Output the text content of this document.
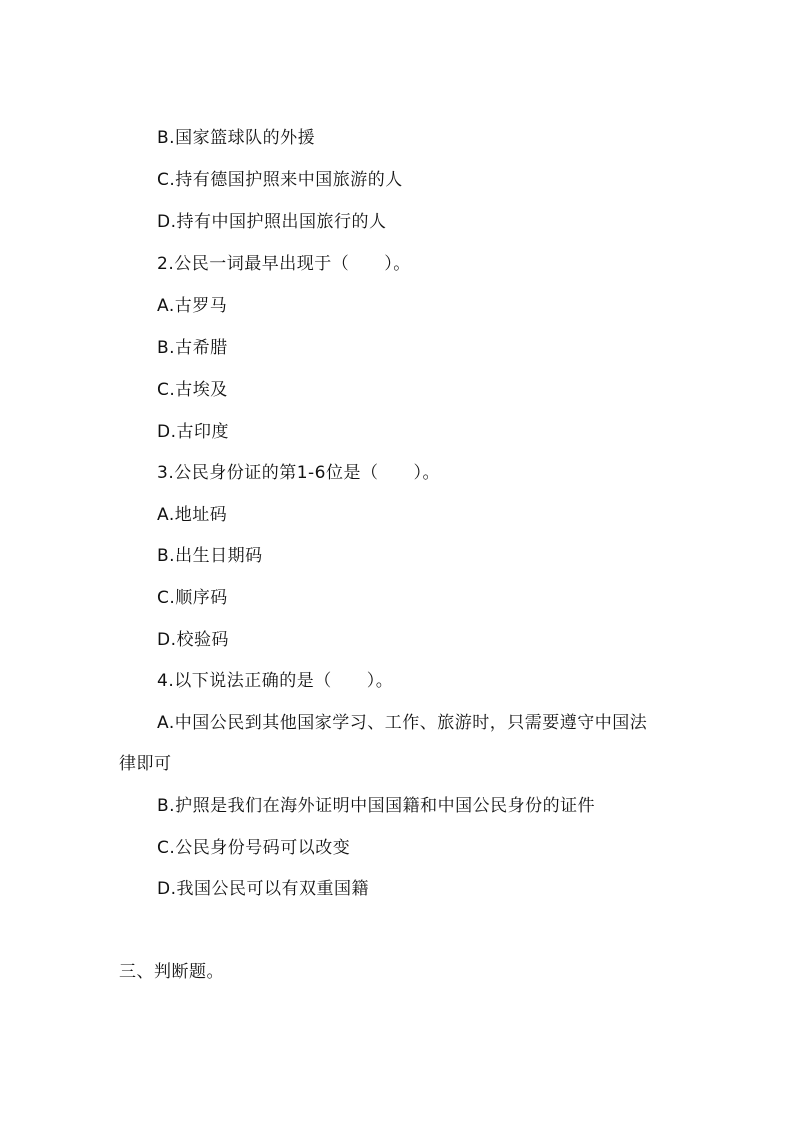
B.国家篮球队的外援
C.持有德国护照来中国旅游的人
D.持有中国护照出国旅行的人
2.公民一词最早出现于（　　）。
A.古罗马
B.古希腊
C.古埃及
D.古印度
3.公民身份证的第1-6位是（　　）。
A.地址码
B.出生日期码
C.顺序码
D.校验码
4.以下说法正确的是（　　）。
A.中国公民到其他国家学习、工作、旅游时，只需要遵守中国法
律即可
B.护照是我们在海外证明中国国籍和中国公民身份的证件
C.公民身份号码可以改变
D.我国公民可以有双重国籍
三、判断题。
